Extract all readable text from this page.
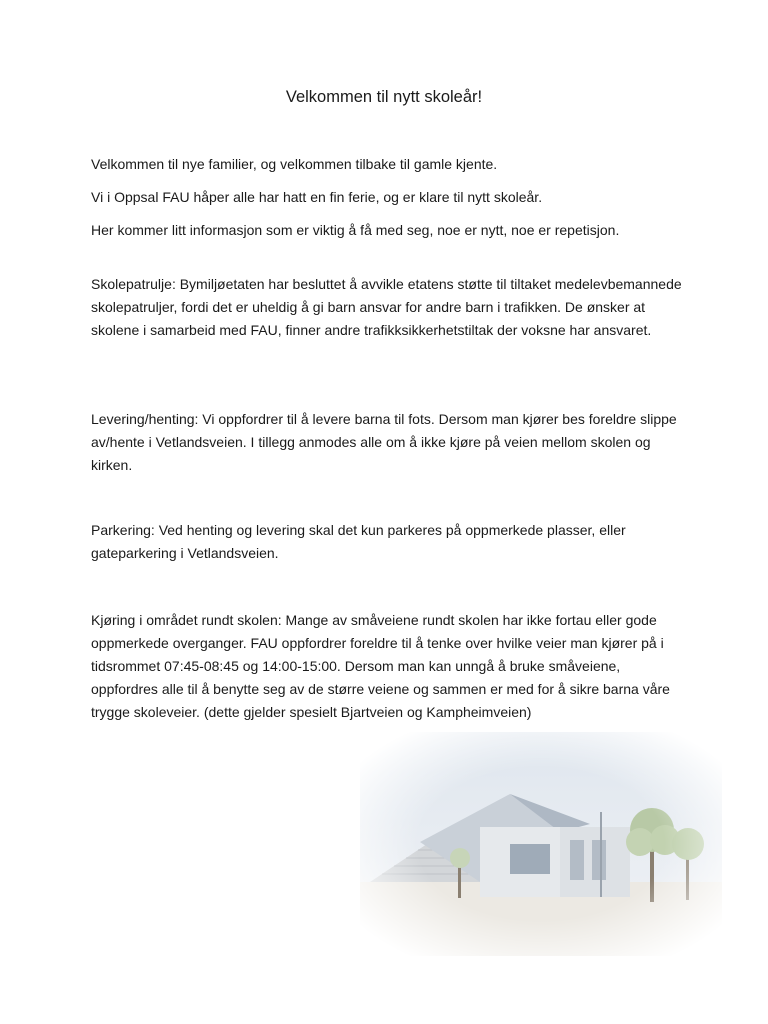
Velkommen til nytt skoleår!

Velkommen til nye familier, og velkommen tilbake til gamle kjente.

Vi i Oppsal FAU håper alle har hatt en fin ferie, og er klare til nytt skoleår.

Her kommer litt informasjon som er viktig å få med seg, noe er nytt, noe er repetisjon.

Skolepatrulje: Bymiljøetaten har besluttet å avvikle etatens støtte til tiltaket medelevbemannede skolepatruljer, fordi det er uheldig å gi barn ansvar for andre barn i trafikken. De ønsker at skolene i samarbeid med FAU, finner andre trafikksikkerhetstiltak der voksne har ansvaret.

Levering/henting: Vi oppfordrer til å levere barna til fots. Dersom man kjører bes foreldre slippe av/hente i Vetlandsveien. I tillegg anmodes alle om å ikke kjøre på veien mellom skolen og kirken.

Parkering: Ved henting og levering skal det kun parkeres på oppmerkede plasser, eller gateparkering i Vetlandsveien.

Kjøring i området rundt skolen: Mange av småveiene rundt skolen har ikke fortau eller gode oppmerkede overganger. FAU oppfordrer foreldre til å tenke over hvilke veier man kjører på i tidsrommet 07:45-08:45 og 14:00-15:00. Dersom man kan unngå å bruke småveiene, oppfordres alle til å benytte seg av de større veiene og sammen er med for å sikre barna våre trygge skoleveier. (dette gjelder spesielt Bjartveien og Kampheimveien)
